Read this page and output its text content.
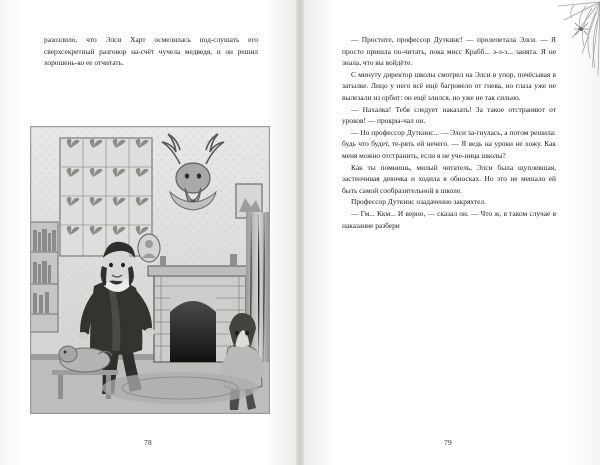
разозлило, что Элси Харт осмелилась под-слушать его сверхсекретный разговор на-счёт чучела медведя, и он решил хорошень-ко ее отчитать.

78

— Простите, профессор Дуткинс! — пролепетала Элси. — Я просто пришла по-читать, пока мисс Крабб... э-э-э... занята. Я не знала, что вы войдёте.

С минуту директор школы смотрел на Элси в упор, почёсывая в затылке. Лицо у него всё ещё багровело от гнева, но глаза уже не вылезали из орбит: он ещё злился, но уже не так сильно.

— Нахалка! Тебя следует наказать! За такое отстраняют от уроков! — прокры-чал он.

— Но профессор Дуткинс... — Элси за-гнулась, а потом решила: будь что будет, те-рять ей нечего. — Я ведь на уроки не хожу. Как меня можно отстранить, если я не уче-ница школы?

Как ты помнишь, милый читатель, Элси была щуплевшая, застенчивая девочка и ходила в обносках. Но это не мешало ей быть самой сообразительной в школе.

Профессор Дуткинс озадаченно закряхтел.

— Гм... Ккм... И верно, — сказал он. — Что ж, в таком случае в наказание разбери

79
